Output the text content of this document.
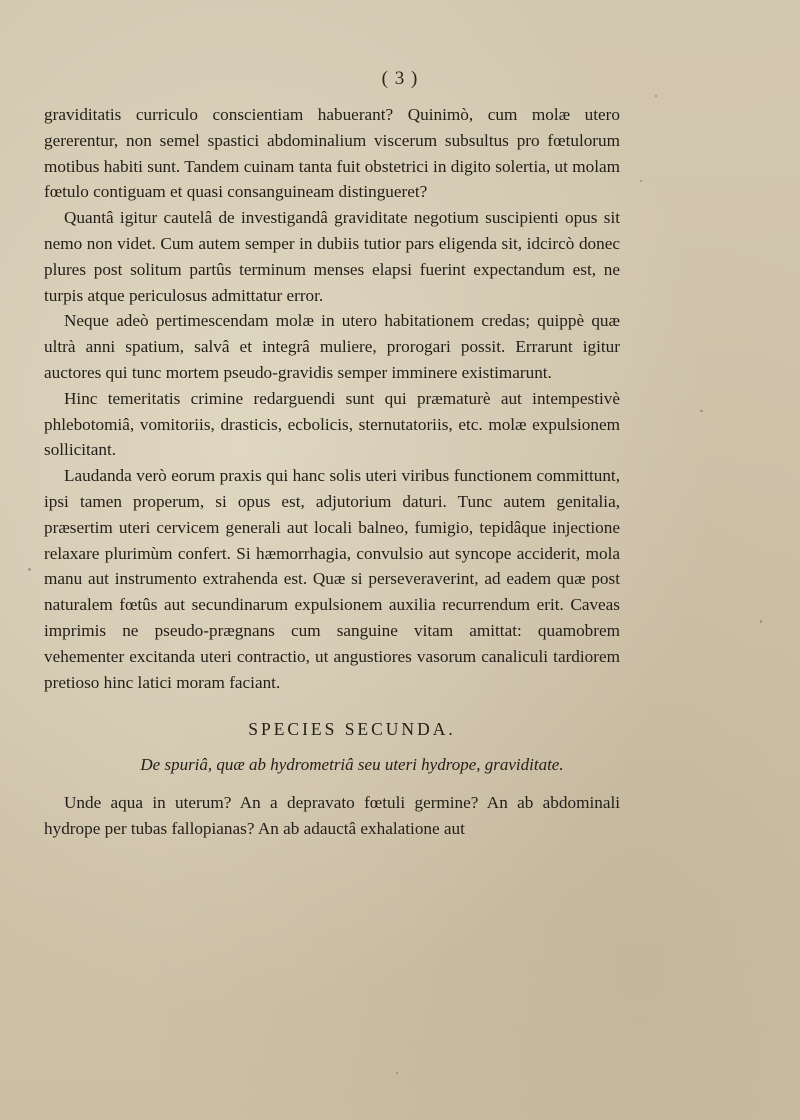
( 3 )

graviditatis curriculo conscientiam habuerant? Quinimò, cum molæ utero gererentur, non semel spastici abdominalium viscerum subsultus pro fœtulorum motibus habiti sunt. Tandem cuinam tanta fuit obstetrici in digito solertia, ut molam fœtulo contiguam et quasi consanguineam distingueret?

Quantâ igitur cautelâ de investigandâ graviditate negotium suscipienti opus sit nemo non videt. Cum autem semper in dubiis tutior pars eligenda sit, idcircò donec plures post solitum partûs terminum menses elapsi fuerint expectandum est, ne turpis atque periculosus admittatur error.

Neque adeò pertimescendam molæ in utero habitationem credas; quippè quæ ultrà anni spatium, salvâ et integrâ muliere, prorogari possit. Errarunt igitur auctores qui tunc mortem pseudo-gravidis semper imminere existimarunt.

Hinc temeritatis crimine redarguendi sunt qui præmaturè aut intempestivè phlebotomiâ, vomitoriis, drasticis, ecbolicis, sternutatoriis, etc. molæ expulsionem sollicitant.

Laudanda verò eorum praxis qui hanc solis uteri viribus functionem committunt, ipsi tamen properum, si opus est, adjutorium daturi. Tunc autem genitalia, præsertim uteri cervicem generali aut locali balneo, fumigio, tepidâque injectione relaxare plurimùm confert. Si hæmorrhagia, convulsio aut syncope acciderit, mola manu aut instrumento extrahenda est. Quæ si perseveraverint, ad eadem quæ post naturalem fœtûs aut secundinarum expulsionem auxilia recurrendum erit. Caveas imprimis ne pseudo-prægnans cum sanguine vitam amittat: quamobrem vehementer excitanda uteri contractio, ut angustiores vasorum canaliculi tardiorem pretioso hinc latici moram faciant.

SPECIES SECUNDA.
De spuriâ, quæ ab hydrometriâ seu uteri hydrope, graviditate.

Unde aqua in uterum? An a depravato fœtuli germine? An ab abdominali hydrope per tubas fallopianas? An ab adauctâ exhalatione aut
